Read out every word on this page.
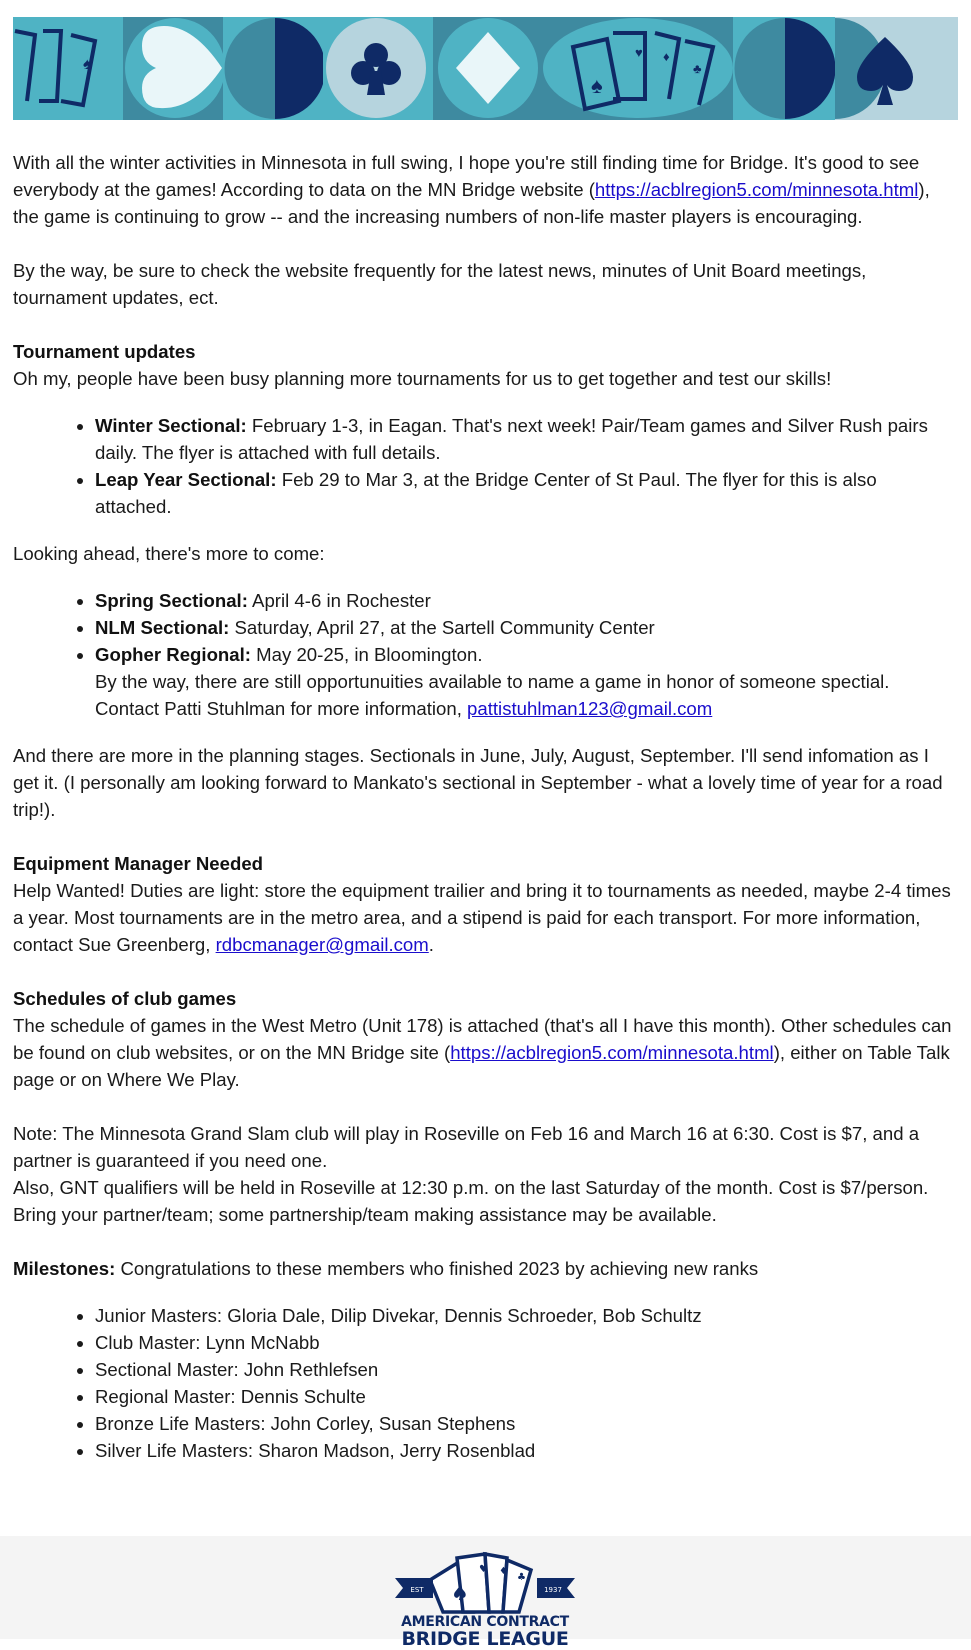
♠
♠
♥ ♦
♣

With all the winter activities in Minnesota in full swing, I hope you're still finding time for Bridge. It's good to see everybody at the games! According to data on the MN Bridge website (https://acblregion5.com/minnesota.html), the game is continuing to grow -- and the increasing numbers of non-life master players is encouraging.

By the way, be sure to check the website frequently for the latest news, minutes of Unit Board meetings, tournament updates, ect.

Tournament updates

Oh my, people have been busy planning more tournaments for us to get together and test our skills!

• Winter Sectional: February 1-3, in Eagan. That's next week! Pair/Team games and Silver Rush pairs daily. The flyer is attached with full details.
• Leap Year Sectional: Feb 29 to Mar 3, at the Bridge Center of St Paul. The flyer for this is also attached.

Looking ahead, there's more to come:

• Spring Sectional: April 4-6 in Rochester
• NLM Sectional: Saturday, April 27, at the Sartell Community Center
• Gopher Regional: May 20-25, in Bloomington.
By the way, there are still opportunuities available to name a game in honor of someone spectial. Contact Patti Stuhlman for more information, pattistuhlman123@gmail.com

And there are more in the planning stages. Sectionals in June, July, August, September. I'll send infomation as I get it. (I personally am looking forward to Mankato's sectional in September - what a lovely time of year for a road trip!).

Equipment Manager Needed

Help Wanted! Duties are light: store the equipment trailier and bring it to tournaments as needed, maybe 2-4 times a year. Most tournaments are in the metro area, and a stipend is paid for each transport. For more information, contact Sue Greenberg, rdbcmanager@gmail.com.

Schedules of club games

The schedule of games in the West Metro (Unit 178) is attached (that's all I have this month). Other schedules can be found on club websites, or on the MN Bridge site (https://acblregion5.com/minnesota.html), either on Table Talk page or on Where We Play.

Note: The Minnesota Grand Slam club will play in Roseville on Feb 16 and March 16 at 6:30. Cost is $7, and a partner is guaranteed if you need one.

Also, GNT qualifiers will be held in Roseville at 12:30 p.m. on the last Saturday of the month. Cost is $7/person. Bring your partner/team; some partnership/team making assistance may be available.

Milestones: Congratulations to these members who finished 2023 by achieving new ranks

• Junior Masters: Gloria Dale, Dilip Divekar, Dennis Schroeder, Bob Schultz
• Club Master: Lynn McNabb
• Sectional Master: John Rethlefsen
• Regional Master: Dennis Schulte
• Bronze Life Masters: John Corley, Susan Stephens
• Silver Life Masters: Sharon Madson, Jerry Rosenblad
♠
♥ ♦
♣
EST	1937
AMERICAN CONTRACT
BRIDGE LEAGUE
